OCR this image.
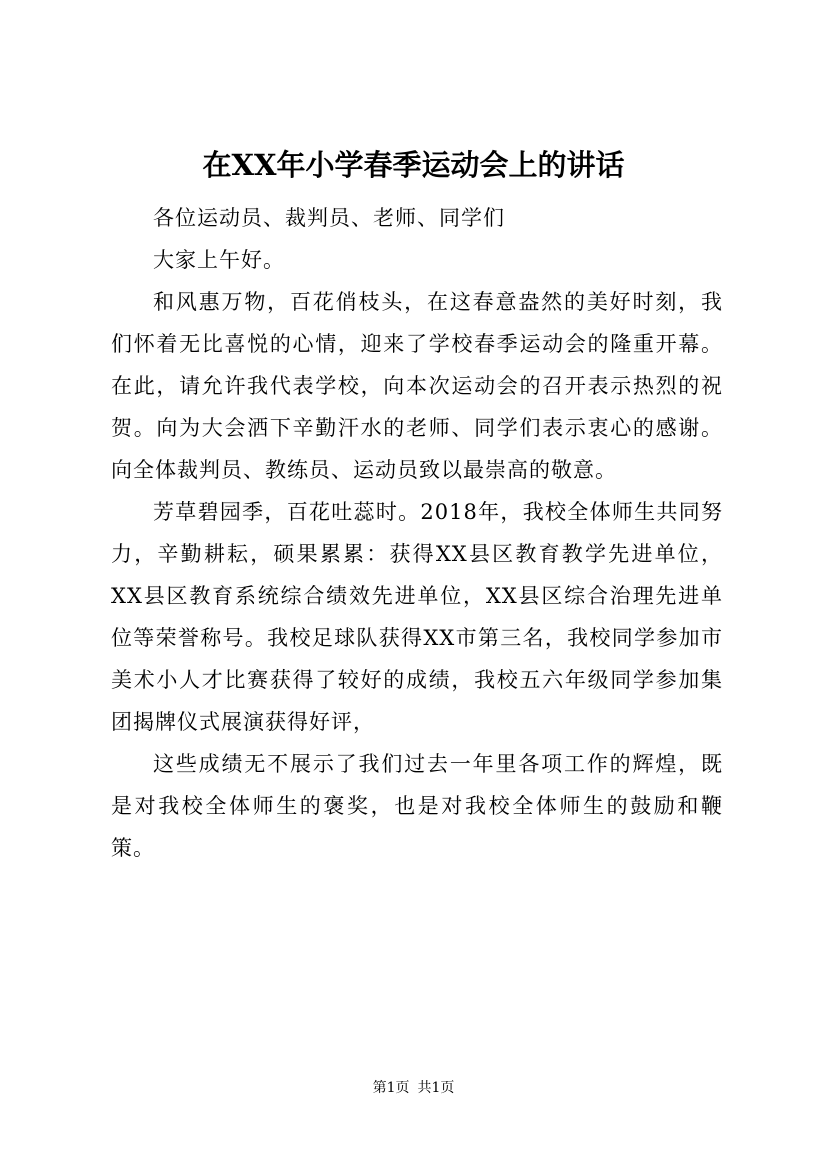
在XX年小学春季运动会上的讲话

各位运动员、裁判员、老师、同学们

大家上午好。

和风惠万物，百花俏枝头，在这春意盎然的美好时刻，我们怀着无比喜悦的心情，迎来了学校春季运动会的隆重开幕。在此，请允许我代表学校，向本次运动会的召开表示热烈的祝贺。向为大会洒下辛勤汗水的老师、同学们表示衷心的感谢。向全体裁判员、教练员、运动员致以最崇高的敬意。

芳草碧园季，百花吐蕊时。2018年，我校全体师生共同努力，辛勤耕耘，硕果累累：获得XX县区教育教学先进单位，XX县区教育系统综合绩效先进单位，XX县区综合治理先进单位等荣誉称号。我校足球队获得XX市第三名，我校同学参加市美术小人才比赛获得了较好的成绩，我校五六年级同学参加集团揭牌仪式展演获得好评，

这些成绩无不展示了我们过去一年里各项工作的辉煌，既是对我校全体师生的褒奖，也是对我校全体师生的鼓励和鞭策。

第1页 共1页
